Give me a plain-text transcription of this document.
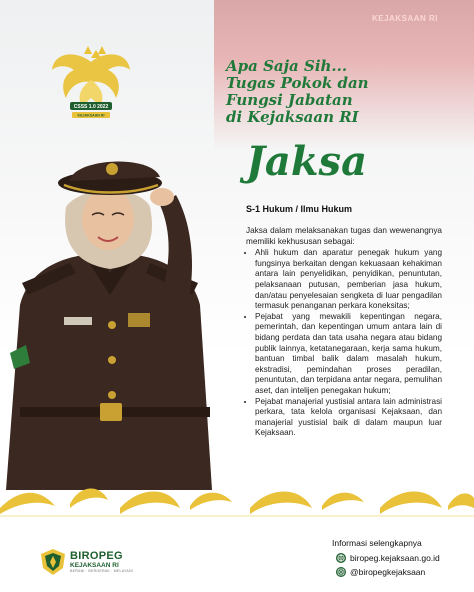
KEJAKSAAN RI
CSSS 1.0 2022
KEJAKSAAN RI
Apa Saja Sih...
Tugas Pokok dan
Fungsi Jabatan
di Kejaksaan RI
Jaksa
S-1 Hukum / Ilmu Hukum

Jaksa dalam melaksanakan tugas dan wewenangnya memiliki kekhususan sebagai:

• Ahli hukum dan aparatur penegak hukum yang fungsinya berkaitan dengan kekuasaan kehakiman antara lain penyelidikan, penyidikan, penuntutan, pelaksanaan putusan, pemberian jasa hukum, dan/atau penyelesaian sengketa di luar pengadilan termasuk penanganan perkara koneksitas;
• Pejabat yang mewakili kepentingan negara, pemerintah, dan kepentingan umum antara lain di bidang perdata dan tata usaha negara atau bidang publik lainnya, ketatanegaraan, kerja sama hukum, bantuan timbal balik dalam masalah hukum, ekstradisi, pemindahan proses peradilan, penuntutan, dan terpidana antar negara, pemulihan aset, dan intelijen penegakan hukum;
• Pejabat manajerial yustisial antara lain administrasi perkara, tata kelola organisasi Kejaksaan, dan manajerial yustisial baik di dalam maupun luar Kejaksaan.
BIROPEG
KEJAKSAAN RI
BERANI · BERGERAK · MELAYANI
Informasi selengkapnya
biropeg.kejaksaan.go.id
@biropegkejaksaan
